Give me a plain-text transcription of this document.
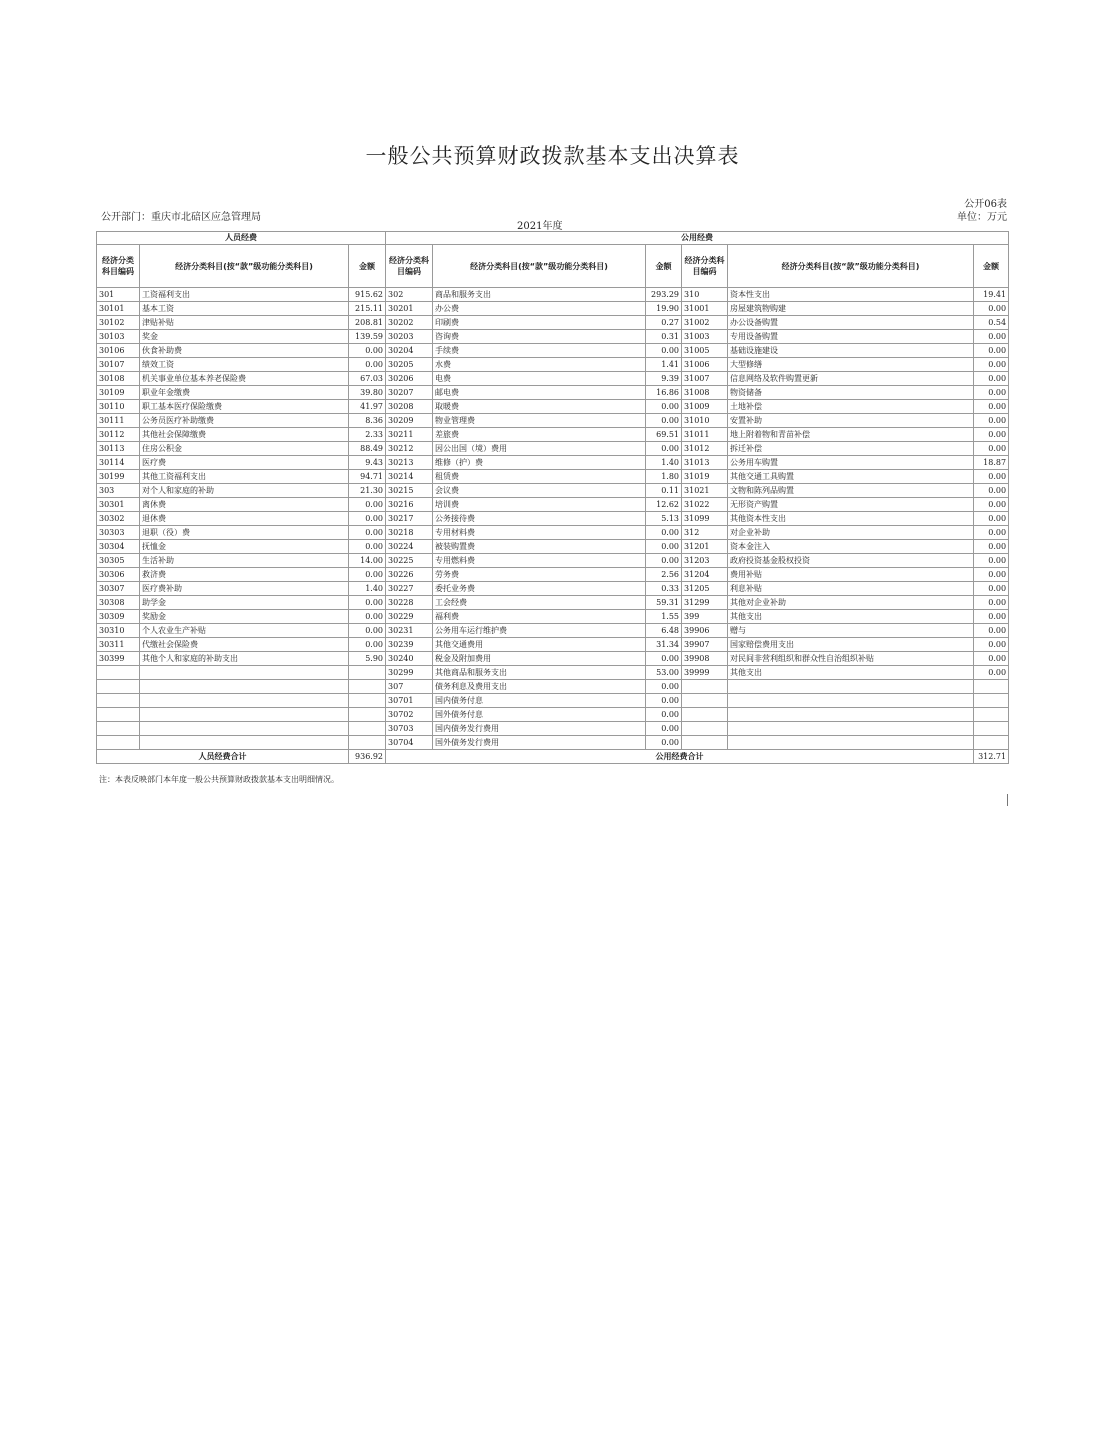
一般公共预算财政拨款基本支出决算表
公开06表
公开部门：重庆市北碚区应急管理局	单位：万元
2021年度
人员经费			公用经费					
经济分类科目编码	经济分类科目(按“款”级功能分类科目)	金额	经济分类科目编码	经济分类科目(按“款”级功能分类科目)	金额	经济分类科目编码	经济分类科目(按“款”级功能分类科目)	金额
301	工资福利支出	915.62	302	商品和服务支出	293.29	310	资本性支出	19.41
30101	基本工资	215.11	30201	办公费	19.90	31001	房屋建筑物购建	0.00
30102	津贴补贴	208.81	30202	印刷费	0.27	31002	办公设备购置	0.54
30103	奖金	139.59	30203	咨询费	0.31	31003	专用设备购置	0.00
30106	伙食补助费	0.00	30204	手续费	0.00	31005	基础设施建设	0.00
30107	绩效工资	0.00	30205	水费	1.41	31006	大型修缮	0.00
30108	机关事业单位基本养老保险费	67.03	30206	电费	9.39	31007	信息网络及软件购置更新	0.00
30109	职业年金缴费	39.80	30207	邮电费	16.86	31008	物资储备	0.00
30110	职工基本医疗保险缴费	41.97	30208	取暖费	0.00	31009	土地补偿	0.00
30111	公务员医疗补助缴费	8.36	30209	物业管理费	0.00	31010	安置补助	0.00
30112	其他社会保障缴费	2.33	30211	差旅费	69.51	31011	地上附着物和青苗补偿	0.00
30113	住房公积金	88.49	30212	因公出国（境）费用	0.00	31012	拆迁补偿	0.00
30114	医疗费	9.43	30213	维修（护）费	1.40	31013	公务用车购置	18.87
30199	其他工资福利支出	94.71	30214	租赁费	1.80	31019	其他交通工具购置	0.00
303	对个人和家庭的补助	21.30	30215	会议费	0.11	31021	文物和陈列品购置	0.00
30301	离休费	0.00	30216	培训费	12.62	31022	无形资产购置	0.00
30302	退休费	0.00	30217	公务接待费	5.13	31099	其他资本性支出	0.00
30303	退职（役）费	0.00	30218	专用材料费	0.00	312	对企业补助	0.00
30304	抚恤金	0.00	30224	被装购置费	0.00	31201	资本金注入	0.00
30305	生活补助	14.00	30225	专用燃料费	0.00	31203	政府投资基金股权投资	0.00
30306	救济费	0.00	30226	劳务费	2.56	31204	费用补贴	0.00
30307	医疗费补助	1.40	30227	委托业务费	0.33	31205	利息补贴	0.00
30308	助学金	0.00	30228	工会经费	59.31	31299	其他对企业补助	0.00
30309	奖励金	0.00	30229	福利费	1.55	399	其他支出	0.00
30310	个人农业生产补贴	0.00	30231	公务用车运行维护费	6.48	39906	赠与	0.00
30311	代缴社会保险费	0.00	30239	其他交通费用	31.34	39907	国家赔偿费用支出	0.00
30399	其他个人和家庭的补助支出	5.90	30240	税金及附加费用	0.00	39908	对民间非营利组织和群众性自治组织补贴	0.00
			30299	其他商品和服务支出	53.00	39999	其他支出	0.00
			307	债务利息及费用支出	0.00			
			30701	国内债务付息	0.00			
			30702	国外债务付息	0.00			
			30703	国内债务发行费用	0.00			
			30704	国外债务发行费用	0.00			
人员经费合计		936.92	公用经费合计					312.71
注：本表反映部门本年度一般公共预算财政拨款基本支出明细情况。
